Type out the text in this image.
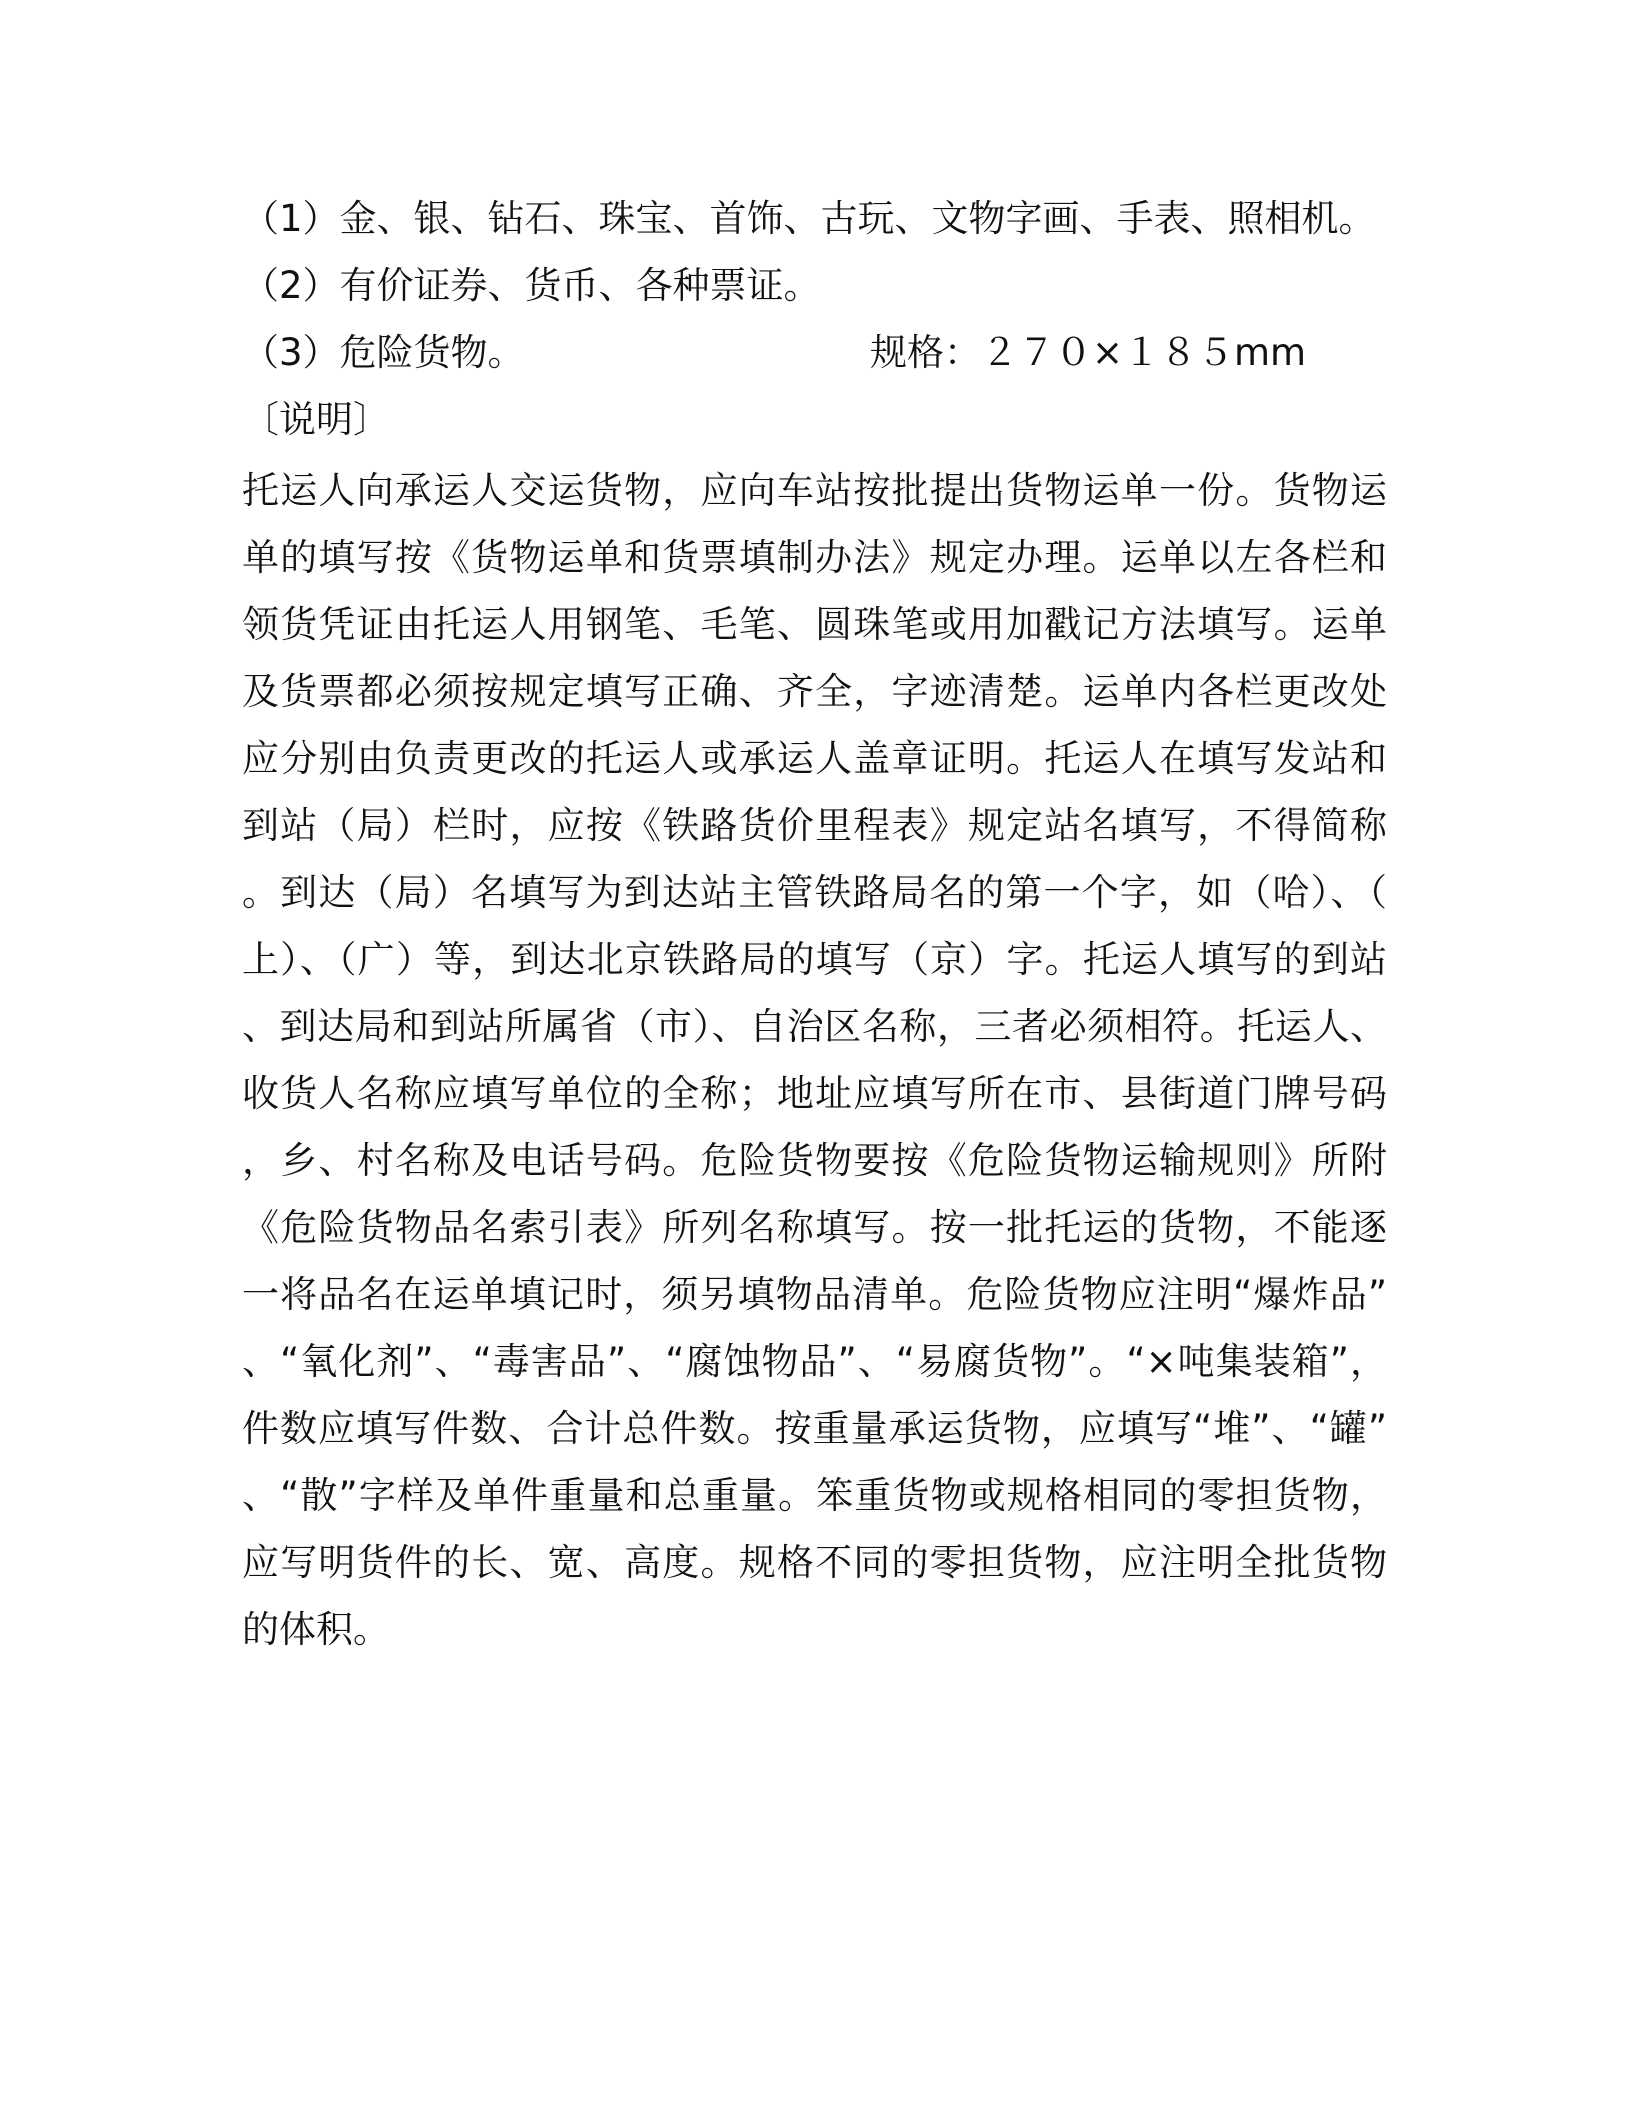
（1）金、银、钻石、珠宝、首饰、古玩、文物字画、手表、照相机。
（2）有价证券、货币、各种票证。
（3）危险货物。	规格：２７０×１８５mm
〔说明〕
托运人向承运人交运货物，应向车站按批提出货物运单一份。货物运单的填写按《货物运单和货票填制办法》规定办理。运单以左各栏和领货凭证由托运人用钢笔、毛笔、圆珠笔或用加戳记方法填写。运单及货票都必须按规定填写正确、齐全，字迹清楚。运单内各栏更改处应分别由负责更改的托运人或承运人盖章证明。托运人在填写发站和到站（局）栏时，应按《铁路货价里程表》规定站名填写，不得简称。到达（局）名填写为到达站主管铁路局名的第一个字，如（哈）、（上）、（广）等，到达北京铁路局的填写（京）字。托运人填写的到站、到达局和到站所属省（市）、自治区名称，三者必须相符。托运人、收货人名称应填写单位的全称；地址应填写所在市、县街道门牌号码，乡、村名称及电话号码。危险货物要按《危险货物运输规则》所附《危险货物品名索引表》所列名称填写。按一批托运的货物，不能逐一将品名在运单填记时，须另填物品清单。危险货物应注明“爆炸品”、“氧化剂”、“毒害品”、“腐蚀物品”、“易腐货物”。“×吨集装箱”，件数应填写件数、合计总件数。按重量承运货物，应填写“堆”、“罐”、“散”字样及单件重量和总重量。笨重货物或规格相同的零担货物，应写明货件的长、宽、高度。规格不同的零担货物，应注明全批货物的体积。
